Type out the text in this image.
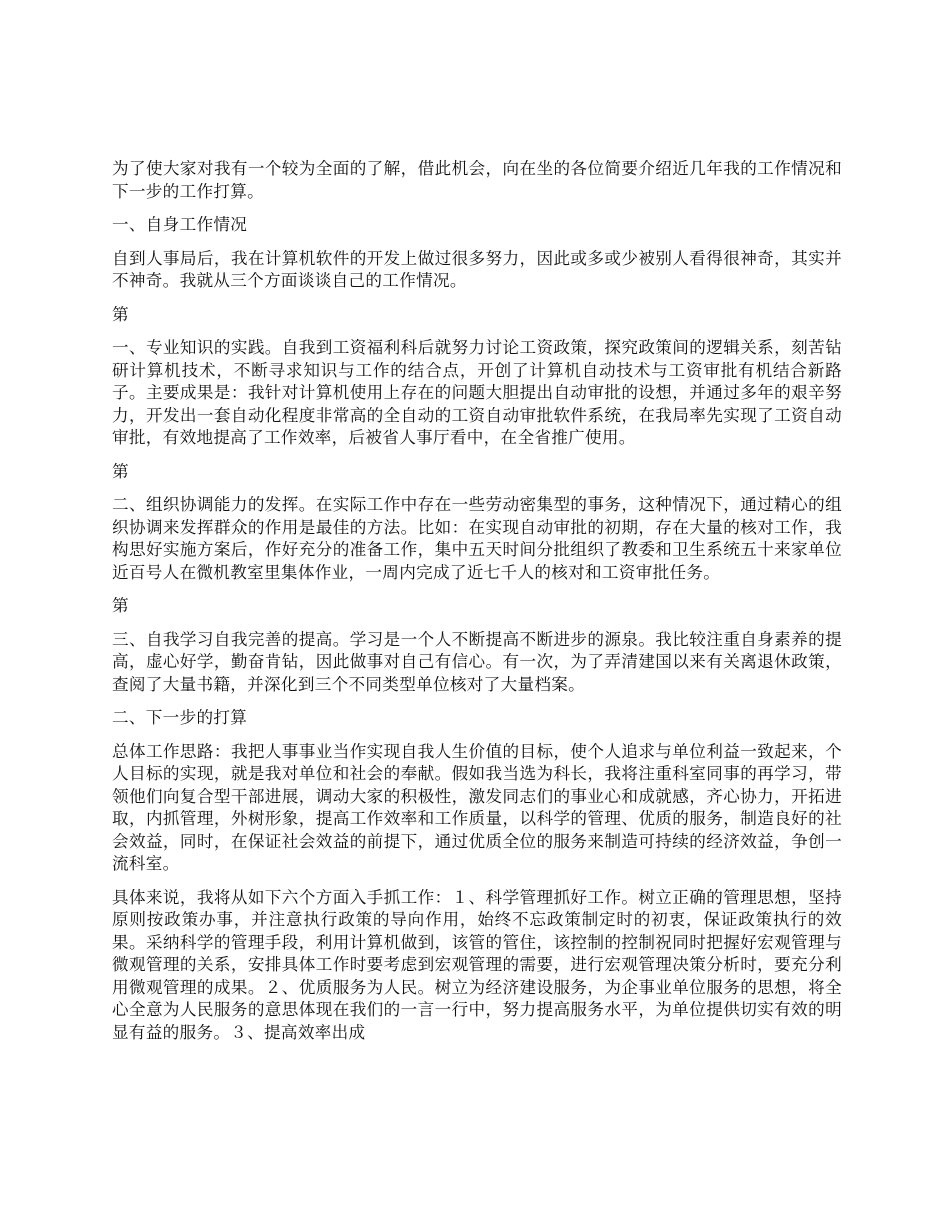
为了使大家对我有一个较为全面的了解，借此机会，向在坐的各位简要介绍近几年我的工作情况和下一步的工作打算。

一、自身工作情况

自到人事局后，我在计算机软件的开发上做过很多努力，因此或多或少被别人看得很神奇，其实并不神奇。我就从三个方面谈谈自己的工作情况。

第

一、专业知识的实践。自我到工资福利科后就努力讨论工资政策，探究政策间的逻辑关系，刻苦钻研计算机技术，不断寻求知识与工作的结合点，开创了计算机自动技术与工资审批有机结合新路子。主要成果是：我针对计算机使用上存在的问题大胆提出自动审批的设想，并通过多年的艰辛努力，开发出一套自动化程度非常高的全自动的工资自动审批软件系统，在我局率先实现了工资自动审批，有效地提高了工作效率，后被省人事厅看中，在全省推广使用。

第

二、组织协调能力的发挥。在实际工作中存在一些劳动密集型的事务，这种情况下，通过精心的组织协调来发挥群众的作用是最佳的方法。比如：在实现自动审批的初期，存在大量的核对工作，我构思好实施方案后，作好充分的准备工作，集中五天时间分批组织了教委和卫生系统五十来家单位近百号人在微机教室里集体作业，一周内完成了近七千人的核对和工资审批任务。

第

三、自我学习自我完善的提高。学习是一个人不断提高不断进步的源泉。我比较注重自身素养的提高，虚心好学，勤奋肯钻，因此做事对自己有信心。有一次，为了弄清建国以来有关离退休政策，查阅了大量书籍，并深化到三个不同类型单位核对了大量档案。

二、下一步的打算

总体工作思路：我把人事事业当作实现自我人生价值的目标，使个人追求与单位利益一致起来，个人目标的实现，就是我对单位和社会的奉献。假如我当选为科长，我将注重科室同事的再学习，带领他们向复合型干部进展，调动大家的积极性，激发同志们的事业心和成就感，齐心协力，开拓进取，内抓管理，外树形象，提高工作效率和工作质量，以科学的管理、优质的服务，制造良好的社会效益，同时，在保证社会效益的前提下，通过优质全位的服务来制造可持续的经济效益，争创一流科室。

具体来说，我将从如下六个方面入手抓工作：１、科学管理抓好工作。树立正确的管理思想，坚持原则按政策办事，并注意执行政策的导向作用，始终不忘政策制定时的初衷，保证政策执行的效果。采纳科学的管理手段，利用计算机做到，该管的管住，该控制的控制祝同时把握好宏观管理与微观管理的关系，安排具体工作时要考虑到宏观管理的需要，进行宏观管理决策分析时，要充分利用微观管理的成果。２、优质服务为人民。树立为经济建设服务，为企事业单位服务的思想，将全心全意为人民服务的意思体现在我们的一言一行中，努力提高服务水平，为单位提供切实有效的明显有益的服务。３、提高效率出成
